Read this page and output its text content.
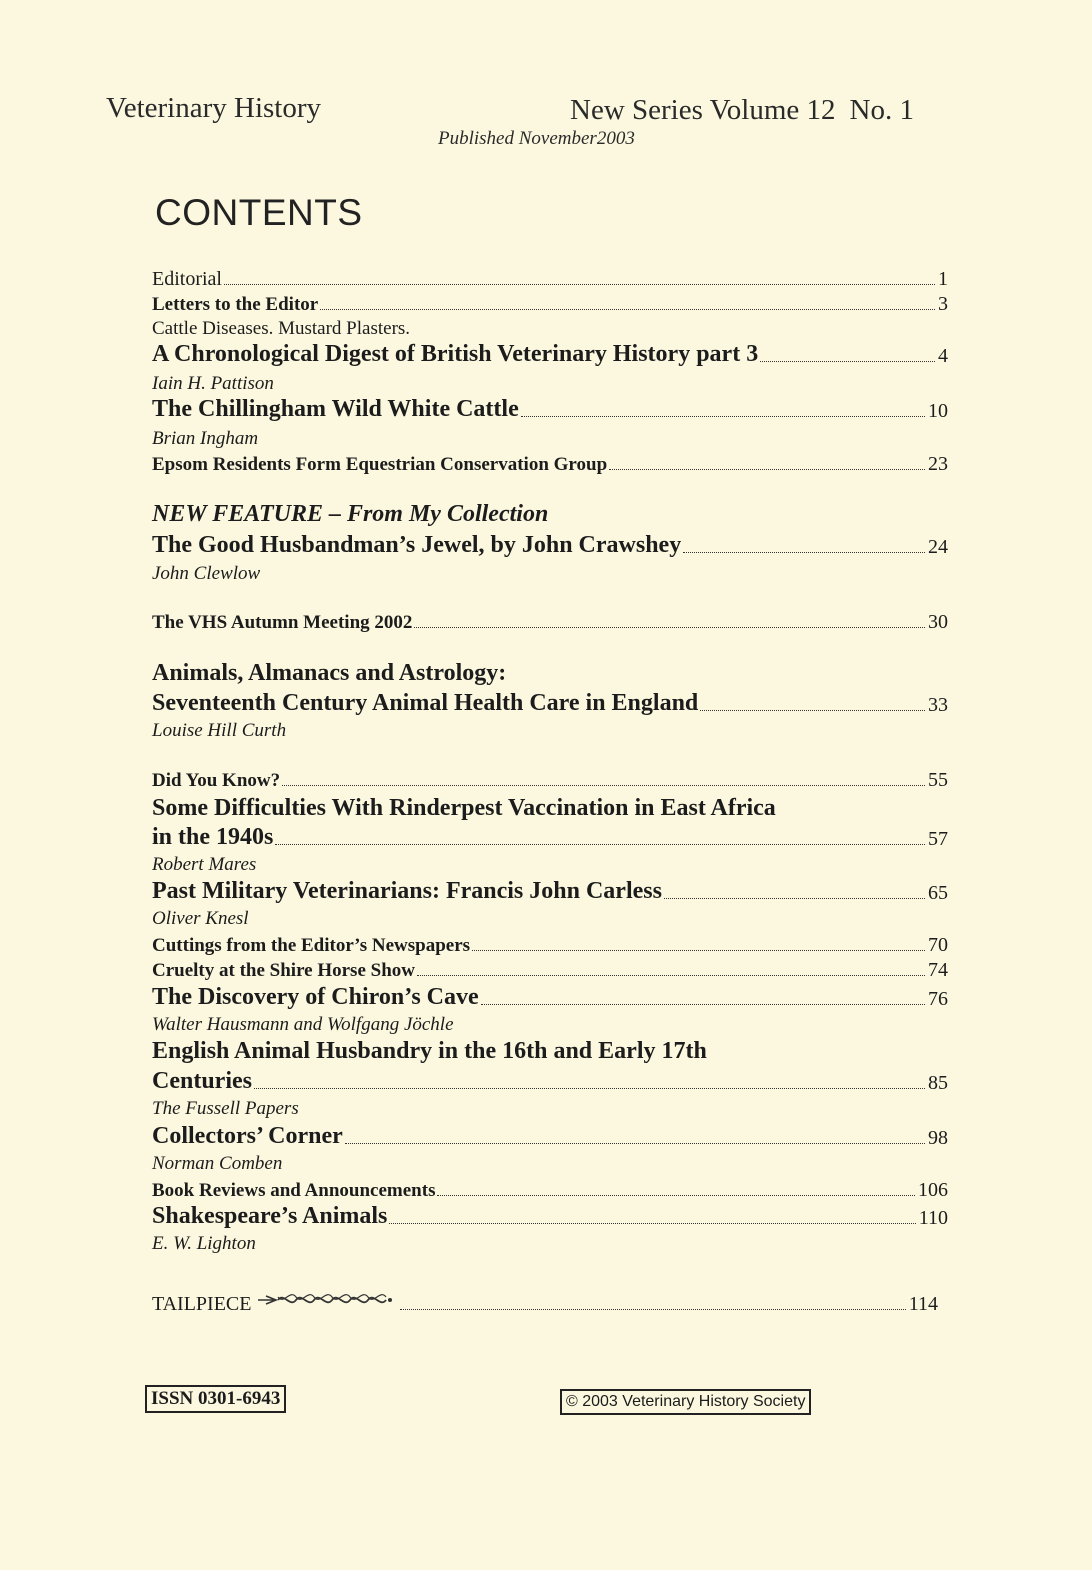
Veterinary History	New Series Volume 12 No. 1
Published November2003
CONTENTS
Editorial	1
Letters to the Editor	3
Cattle Diseases. Mustard Plasters.
A Chronological Digest of British Veterinary History part 3	4
Iain H. Pattison
The Chillingham Wild White Cattle	10
Brian Ingham
Epsom Residents Form Equestrian Conservation Group	23
NEW FEATURE – From My Collection
The Good Husbandman’s Jewel, by John Crawshey	24
John Clewlow
The VHS Autumn Meeting 2002	30
Animals, Almanacs and Astrology:
Seventeenth Century Animal Health Care in England	33
Louise Hill Curth
Did You Know?	55
Some Difficulties With Rinderpest Vaccination in East Africa
in the 1940s	57
Robert Mares
Past Military Veterinarians: Francis John Carless	65
Oliver Knesl
Cuttings from the Editor’s Newspapers	70
Cruelty at the Shire Horse Show	74
The Discovery of Chiron’s Cave	76
Walter Hausmann and Wolfgang Jöchle
English Animal Husbandry in the 16th and Early 17th
Centuries	85
The Fussell Papers
Collectors’ Corner	98
Norman Comben
Book Reviews and Announcements	106
Shakespeare’s Animals	110
E. W. Lighton
TAILPIECE	114
ISSN 0301-6943	© 2003 Veterinary History Society
